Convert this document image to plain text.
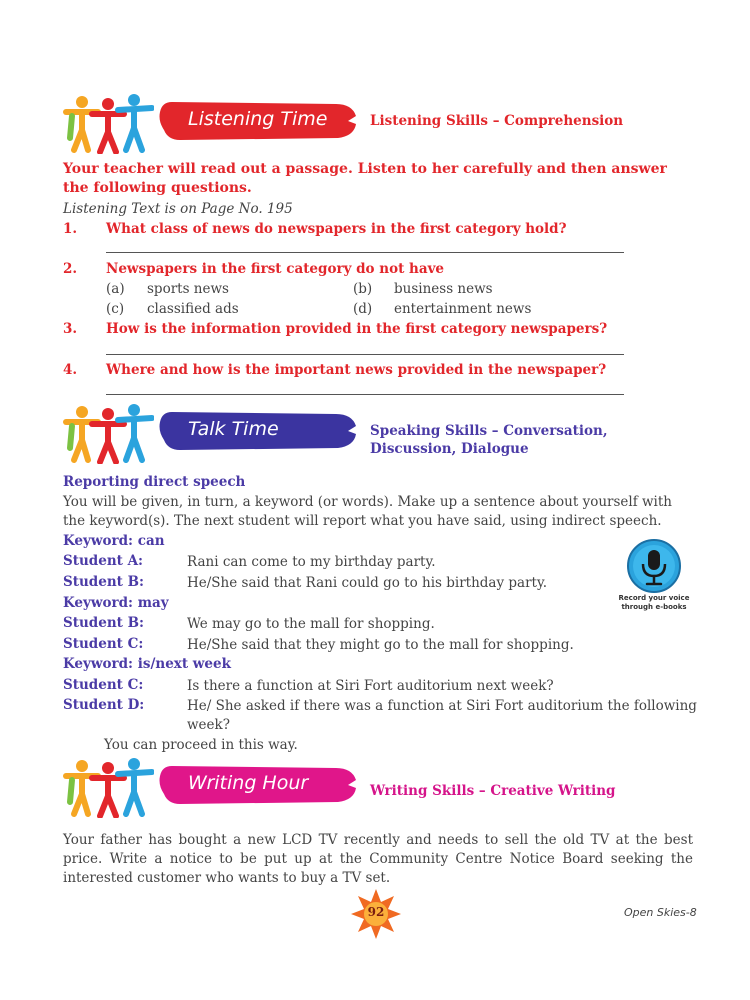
Listening Time	Listening Skills – Comprehension
Your teacher will read out a passage. Listen to her carefully and then answer the following questions.
Listening Text is on Page No. 195
1. What class of news do newspapers in the first category hold?
2. Newspapers in the first category do not have
(a) sports news	(b) business news
(c) classified ads	(d) entertainment news
3. How is the information provided in the first category newspapers?
4. Where and how is the important news provided in the newspaper?
Talk Time	Speaking Skills – Conversation,
Discussion, Dialogue
Reporting direct speech
You will be given, in turn, a keyword (or words). Make up a sentence about yourself with the keyword(s). The next student will report what you have said, using indirect speech.
Keyword: can
Student A:	Rani can come to my birthday party.
Student B:	He/She said that Rani could go to his birthday party.
Keyword: may
Student B:	We may go to the mall for shopping.
Student C:	He/She said that they might go to the mall for shopping.
Keyword: is/next week
Student C:	Is there a function at Siri Fort auditorium next week?
Student D:	He/ She asked if there was a function at Siri Fort auditorium the following week?
You can proceed in this way.
Record your voice
through e-books
Writing Hour	Writing Skills – Creative Writing
Your father has bought a new LCD TV recently and needs to sell the old TV at the best price. Write a notice to be put up at the Community Centre Notice Board seeking the interested customer who wants to buy a TV set.
92	Open Skies-8
